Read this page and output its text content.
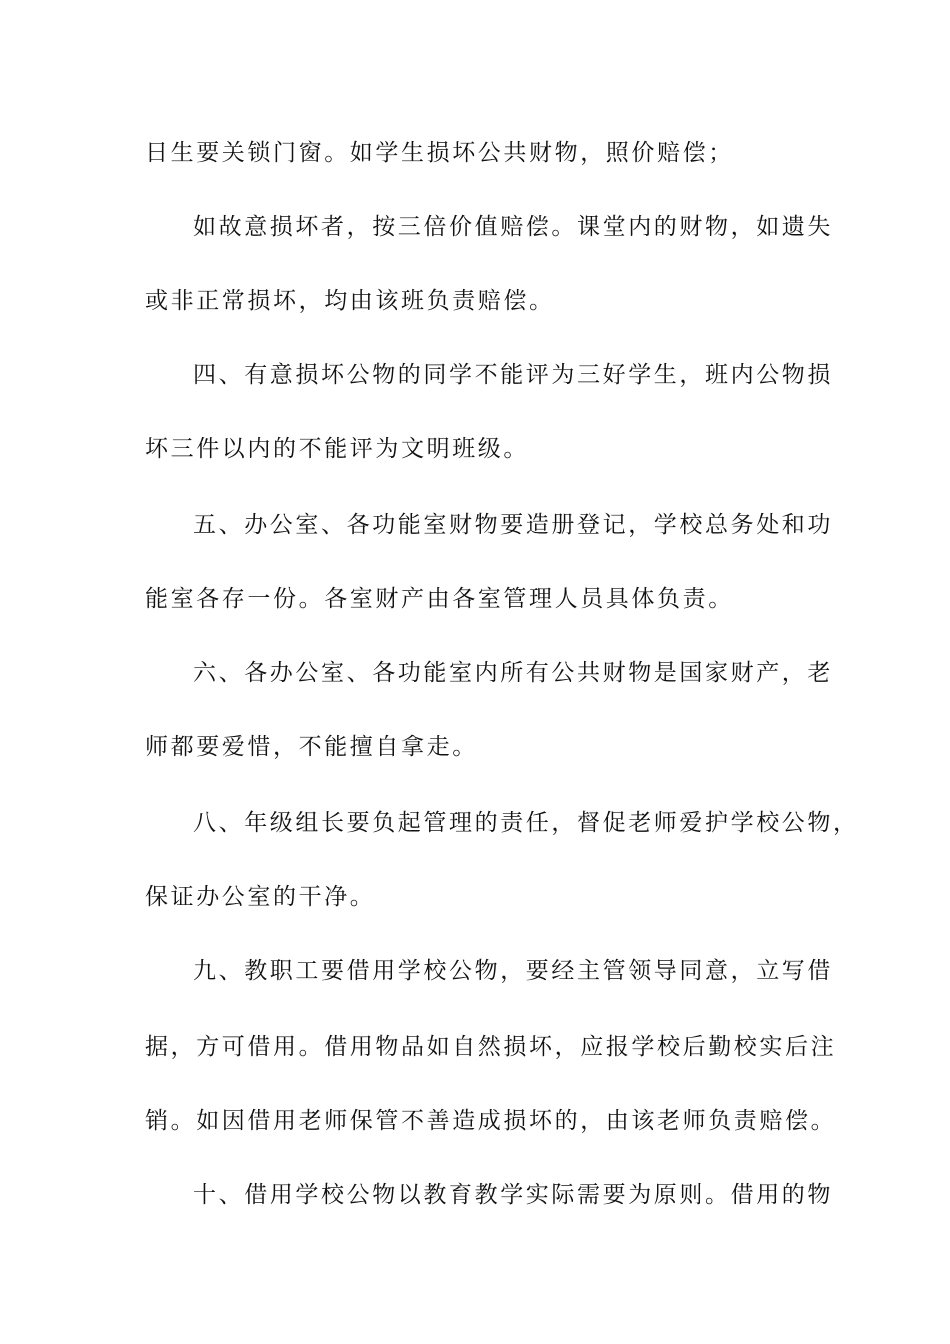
日生要关锁门窗。如学生损坏公共财物，照价赔偿；
如故意损坏者，按三倍价值赔偿。课堂内的财物，如遗失
或非正常损坏，均由该班负责赔偿。
四、有意损坏公物的同学不能评为三好学生，班内公物损
坏三件以内的不能评为文明班级。
五、办公室、各功能室财物要造册登记，学校总务处和功
能室各存一份。各室财产由各室管理人员具体负责。
六、各办公室、各功能室内所有公共财物是国家财产，老
师都要爱惜，不能擅自拿走。
八、年级组长要负起管理的责任，督促老师爱护学校公物，
保证办公室的干净。
九、教职工要借用学校公物，要经主管领导同意，立写借
据，方可借用。借用物品如自然损坏，应报学校后勤校实后注
销。如因借用老师保管不善造成损坏的，由该老师负责赔偿。
十、借用学校公物以教育教学实际需要为原则。借用的物
